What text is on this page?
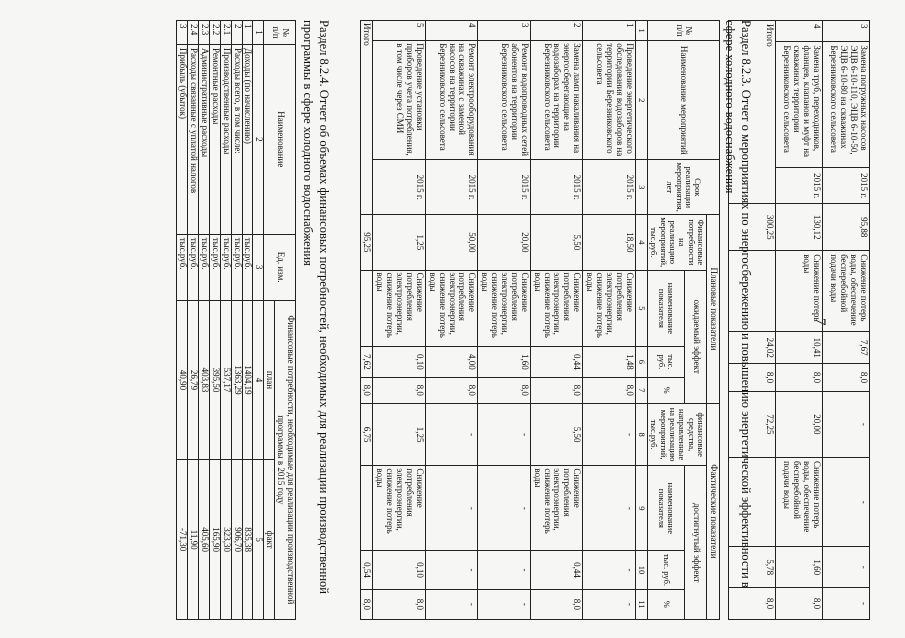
7
3	Замена погружных насосов ЭЦВ 6-10-110, ЭЦВ 6-10-50, ЭЦВ 6-10-80 на скважинах Березниковского сельсовета	2015 г.	95,88	Снижение потерь воды, обеспечение бесперебойной подачи воды	7,67	8,0	-	-	-	-
4	Замена труб, переходников, фланцев, клапанов и муфт на скважинах территории Березниковского сельсовета	2015 г.	130,12	Снижение потерь воды	10,41	8,0	20,00	Снижение потерь воды, обеспечение бесперебойной подачи воды	1,60	8,0
Итого			300,25		24,02	8,0	72,25		5,78	8,0
Раздел 8.2.3. Отчет о мероприятиях по энергосбережению и повышению энергетической эффективности в сфере холодного водоснабжения
№ п/п	Наименование мероприятий	Срок реализации мероприятия, лет	Плановые показатели				Фактические показатели			
			Финансовые потребности на реализацию мероприятий, тыс.руб.	ожидаемый эффект			финансовые средства, направленные на реализацию мероприятий, тыс.руб.	достигнутый эффект		
				наименование показателя	тыс. руб.	%		наименование показателя	тыс. руб.	%
1	2	3	4	5	6	7	8	9	10	11
1	Проведение энергетического обследования водозаборов на территории Березниковского сельсовета	2015 г.	18,50	Снижение потребления электроэнергии, снижение потерь воды	1,48	8,0	-	-	-	-
2	Замена ламп накаливания на энергосберегающие на водозаборах на территории Березниковского сельсовета	2015 г.	5,50	Снижение потребления электроэнергии, снижение потерь воды	0,44	8,0	5,50	Снижение потребления электроэнергии, снижение потерь воды	0,44	8,0
3	Ремонт водопроводных сетей абонентов на территории Березниковского сельсовета	2015 г.	20,00	Снижение потребления электроэнергии, снижение потерь воды	1,60	8,0	-	-	-	-
4	Ремонт электрооборудования на скважинах с заменой насосов на территории Березниковского сельсовета	2015 г.	50,00	Снижение потребления электроэнергии, снижение потерь воды	4,00	8,0	-	-	-	-
5	Проведение установки приборов учета потребления, в том числе через СМИ	2015 г.	1,25	Снижение потребления электроэнергии, снижение потерь воды	0,10	8,0	1,25	Снижение потребления электроэнергии, снижение потерь воды	0,10	8,0
Итого			95,25		7,62	8,0	6,75		0,54	8,0
Раздел 8.2.4. Отчет об объемах финансовых потребностей, необходимых для реализации производственной программы в сфере холодного водоснабжения
№ п/п	Наименование	Ед. изм.	Финансовые потребности, необходимые для реализации производственной программы в 2015 году	
			план	факт
1	2	3	4	5
1	Доходы (по начислению)	тыс.руб.	1404,19	835,38
2	Расходы всего, в том числе:	тыс.руб.	1363,29	906,70
2.1	Производственные расходы	тыс.руб.	537,17	323,30
2.2	Ремонтные расходы	тыс.руб.	395,50	165,90
2.3	Административные расходы	тыс.руб.	403,83	405,60
2.4	Расходы связанные с уплатой налогов	тыс.руб.	26,79	11,90
3	Прибыль (убыток)	тыс.руб.	40,90	-71,30
